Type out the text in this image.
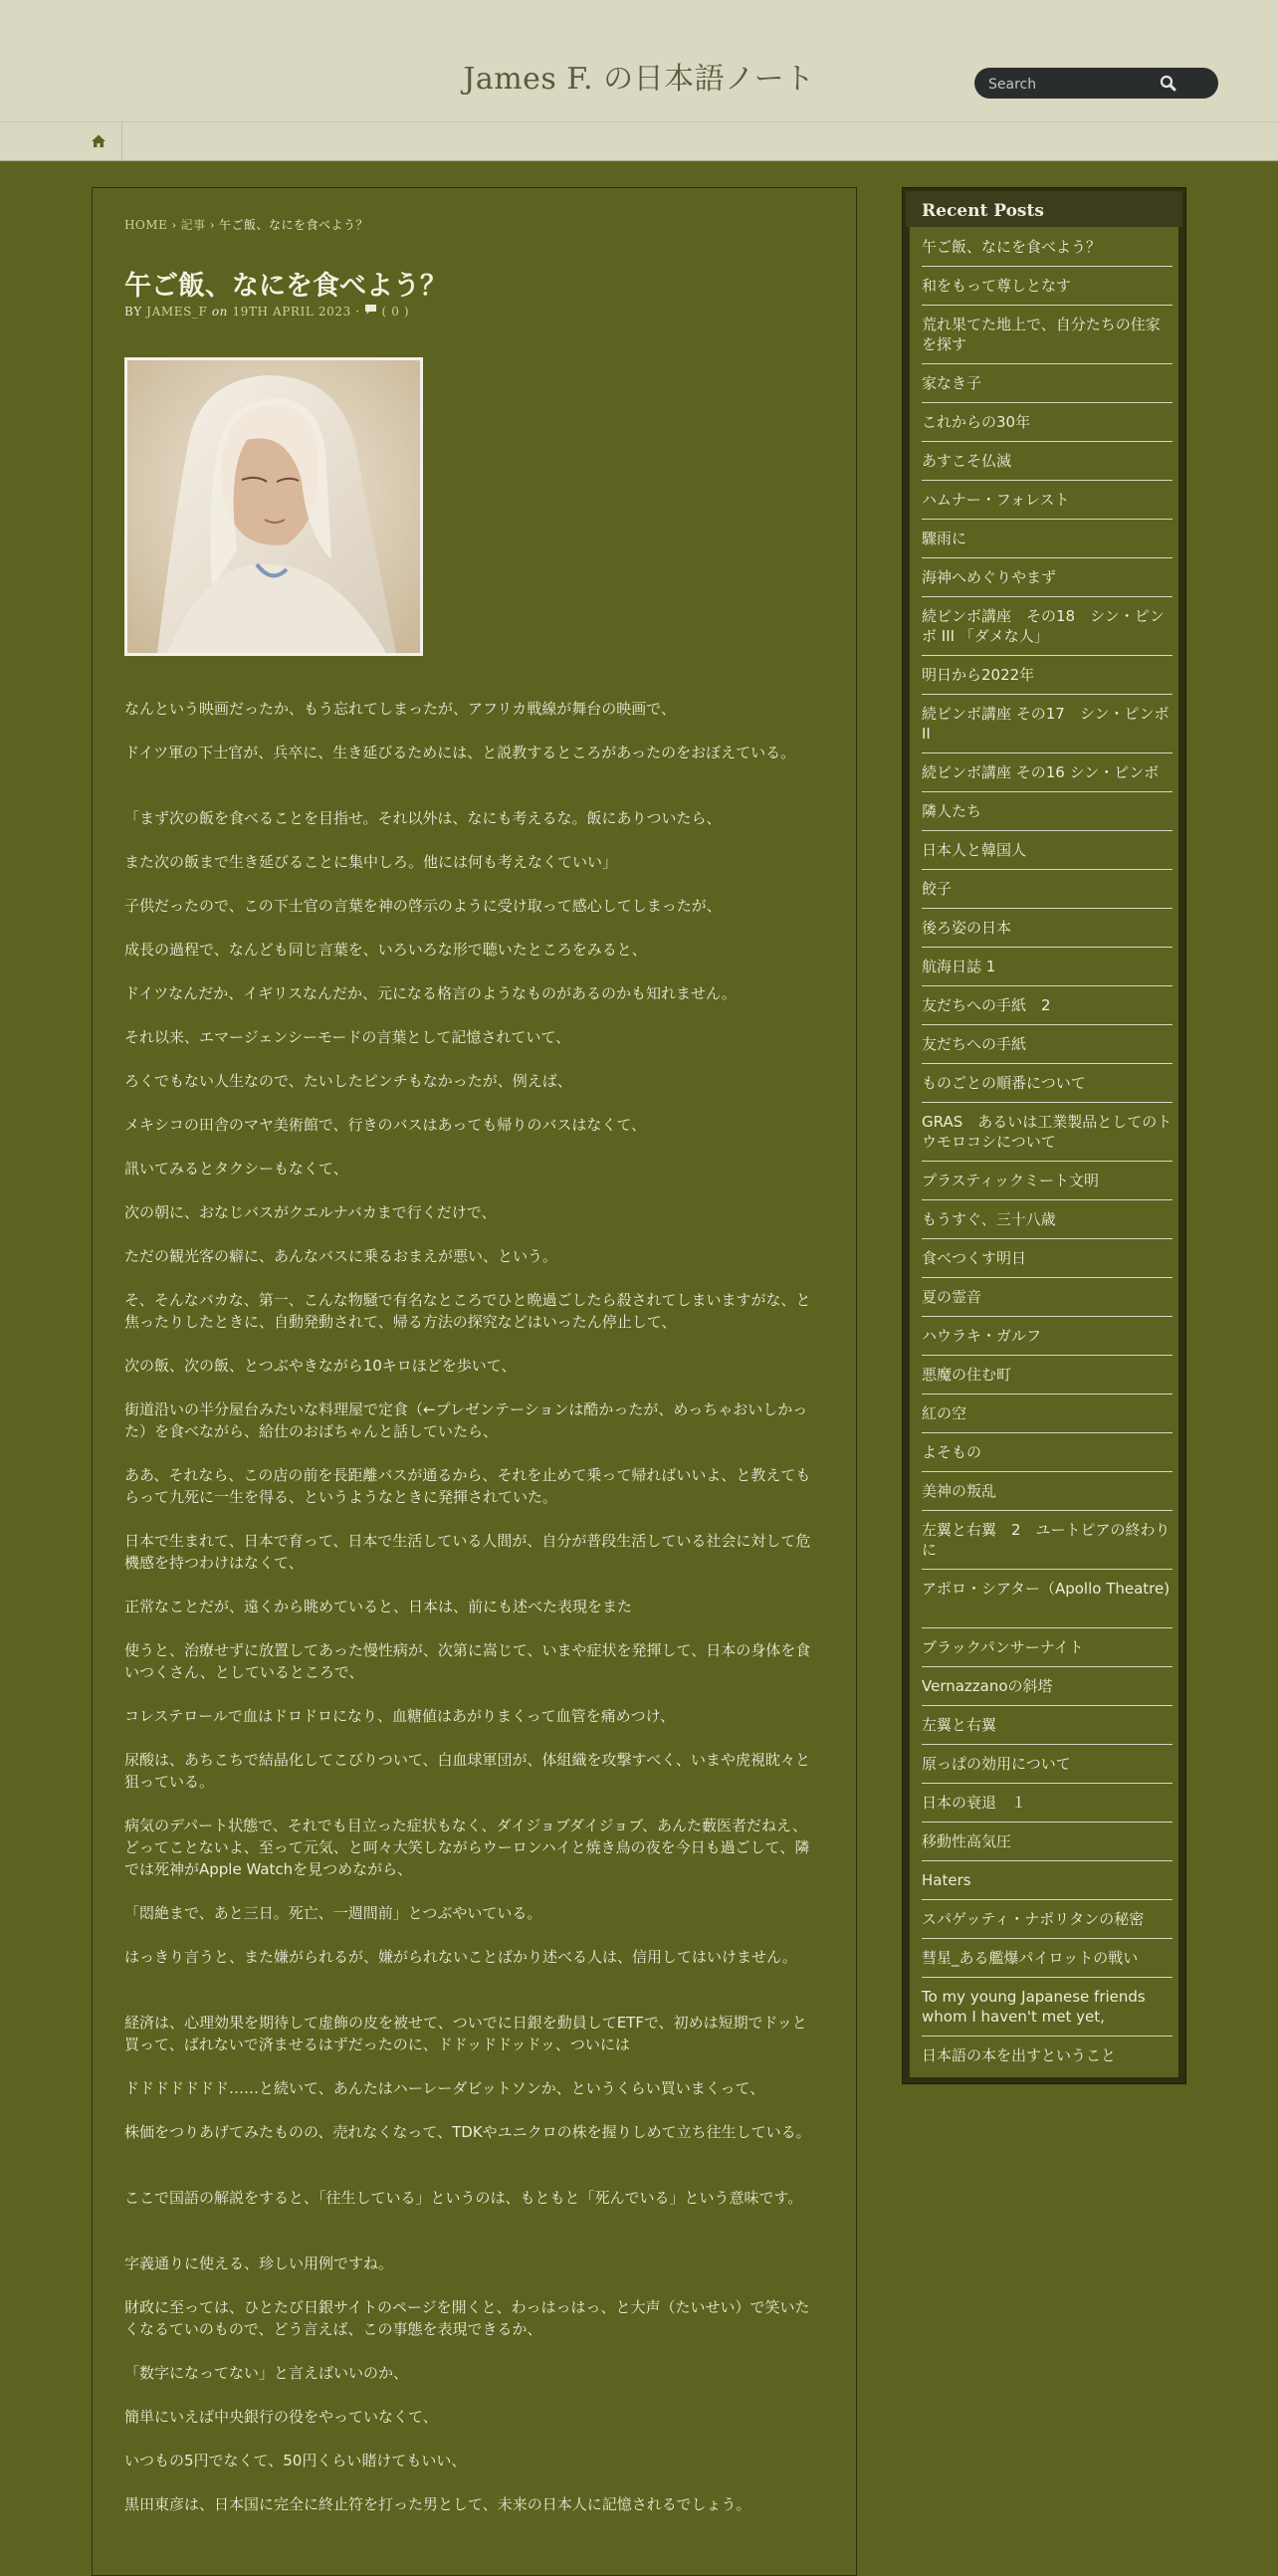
James F. の日本語ノート
Search
HOME › 記事 › 午ご飯、なにを食べよう？
午ご飯、なにを食べよう？
BY JAMES_F on 19TH APRIL 2023 · ( 0 )

なんという映画だったか、もう忘れてしまったが、アフリカ戦線が舞台の映画で、

ドイツ軍の下士官が、兵卒に、生き延びるためには、と説教するところがあったのをおぼえている。

「まず次の飯を食べることを目指せ。それ以外は、なにも考えるな。飯にありついたら、

また次の飯まで生き延びることに集中しろ。他には何も考えなくていい」

子供だったので、この下士官の言葉を神の啓示のように受け取って感心してしまったが、

成長の過程で、なんども同じ言葉を、いろいろな形で聴いたところをみると、

ドイツなんだか、イギリスなんだか、元になる格言のようなものがあるのかも知れません。

それ以来、エマージェンシーモードの言葉として記憶されていて、

ろくでもない人生なので、たいしたピンチもなかったが、例えば、

メキシコの田舎のマヤ美術館で、行きのバスはあっても帰りのバスはなくて、

訊いてみるとタクシーもなくて、

次の朝に、おなじバスがクエルナバカまで行くだけで、

ただの観光客の癖に、あんなバスに乗るおまえが悪い、という。

そ、そんなバカな、第一、こんな物騒で有名なところでひと晩過ごしたら殺されてしまいますがな、と焦ったりしたときに、自動発動されて、帰る方法の探究などはいったん停止して、

次の飯、次の飯、とつぶやきながら10キロほどを歩いて、

街道沿いの半分屋台みたいな料理屋で定食（←プレゼンテーションは酷かったが、めっちゃおいしかった）を食べながら、給仕のおばちゃんと話していたら、

ああ、それなら、この店の前を長距離バスが通るから、それを止めて乗って帰ればいいよ、と教えてもらって九死に一生を得る、というようなときに発揮されていた。

日本で生まれて、日本で育って、日本で生活している人間が、自分が普段生活している社会に対して危機感を持つわけはなくて、

正常なことだが、遠くから眺めていると、日本は、前にも述べた表現をまた

使うと、治療せずに放置してあった慢性病が、次第に嵩じて、いまや症状を発揮して、日本の身体を食いつくさん、としているところで、

コレステロールで血はドロドロになり、血糖値はあがりまくって血管を痛めつけ、

尿酸は、あちこちで結晶化してこびりついて、白血球軍団が、体組織を攻撃すべく、いまや虎視眈々と狙っている。

病気のデパート状態で、それでも目立った症状もなく、ダイジョブダイジョブ、あんた藪医者だねえ、どってことないよ、至って元気、と呵々大笑しながらウーロンハイと焼き鳥の夜を今日も過ごして、隣では死神がApple Watchを見つめながら、

「悶絶まで、あと三日。死亡、一週間前」とつぶやいている。

はっきり言うと、また嫌がられるが、嫌がられないことばかり述べる人は、信用してはいけません。

経済は、心理効果を期待して虚飾の皮を被せて、ついでに日銀を動員してETFで、初めは短期でドッと買って、ばれないで済ませるはずだったのに、ドドッドドッドッ、ついには

ドドドドドドド……と続いて、あんたはハーレーダビットソンか、というくらい買いまくって、

株価をつりあげてみたものの、売れなくなって、TDKやユニクロの株を握りしめて立ち往生している。

ここで国語の解説をすると、「往生している」というのは、もともと「死んでいる」という意味です。

字義通りに使える、珍しい用例ですね。

財政に至っては、ひとたび日銀サイトのページを開くと、わっはっはっ、と大声（たいせい）で笑いたくなるていのもので、どう言えば、この事態を表現できるか、

「数字になってない」と言えばいいのか、

簡単にいえば中央銀行の役をやっていなくて、

いつもの5円でなくて、50円くらい賭けてもいい、

黒田東彦は、日本国に完全に終止符を打った男として、未来の日本人に記憶されるでしょう。

Recent Posts
午ご飯、なにを食べよう？
和をもって尊しとなす
荒れ果てた地上で、自分たちの住家を探す
家なき子
これからの30年
あすこそ仏滅
ハムナー・フォレスト
驟雨に
海神へめぐりやまず
続ピンボ講座　その18　シン・ピンボ III 「ダメな人」
明日から2022年
続ピンボ講座 その17　シン・ピンボ II
続ピンボ講座 その16 シン・ピンボ
隣人たち
日本人と韓国人
餃子
後ろ姿の日本
航海日誌 1
友だちへの手紙　2
友だちへの手紙
ものごとの順番について
GRAS　あるいは工業製品としてのトウモロコシについて
プラスティックミート文明
もうすぐ、三十八歳
食べつくす明日
夏の霊音
ハウラキ・ガルフ
悪魔の住む町
紅の空
よそもの
美神の叛乱
左翼と右翼　2　ユートピアの終わりに
アポロ・シアター（Apollo Theatre)
ブラックパンサーナイト
Vernazzanoの斜塔
左翼と右翼
原っぱの効用について
日本の衰退　１
移動性高気圧
Haters
スパゲッティ・ナポリタンの秘密
彗星_ある艦爆パイロットの戦い
To my young Japanese friends whom I haven't met yet,
日本語の本を出すということ
